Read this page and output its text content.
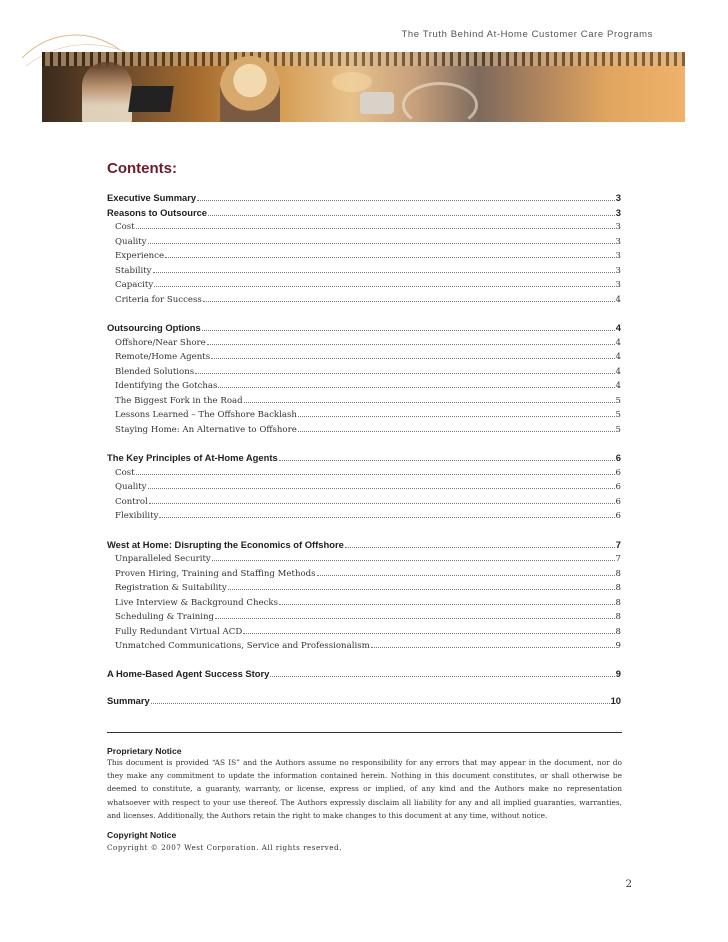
The Truth Behind At-Home Customer Care Programs
Contents:
Executive Summary	3
Reasons to Outsource	3
Cost	3
Quality	3
Experience	3
Stability	3
Capacity	3
Criteria for Success	4
Outsourcing Options	4
Offshore/Near Shore	4
Remote/Home Agents	4
Blended Solutions	4
Identifying the Gotchas	4
The Biggest Fork in the Road	5
Lessons Learned – The Offshore Backlash	5
Staying Home: An Alternative to Offshore	5
The Key Principles of At-Home Agents	6
Cost	6
Quality	6
Control	6
Flexibility	6
West at Home: Disrupting the Economics of Offshore	7
Unparalleled Security	7
Proven Hiring, Training and Staffing Methods	8
Registration & Suitability	8
Live Interview & Background Checks	8
Scheduling & Training	8
Fully Redundant Virtual ACD	8
Unmatched Communications, Service and Professionalism	9
A Home-Based Agent Success Story	9
Summary	10

Proprietary Notice

This document is provided “AS IS” and the Authors assume no responsibility for any errors that may appear in the document, nor do they make any commitment to update the information contained herein. Nothing in this document constitutes, or shall otherwise be deemed to constitute, a guaranty, warranty, or license, express or implied, of any kind and the Authors make no representation whatsoever with respect to your use thereof. The Authors expressly disclaim all liability for any and all implied guaranties, warranties, and licenses. Additionally, the Authors retain the right to make changes to this document at any time, without notice.

Copyright Notice

Copyright © 2007 West Corporation. All rights reserved.

2
